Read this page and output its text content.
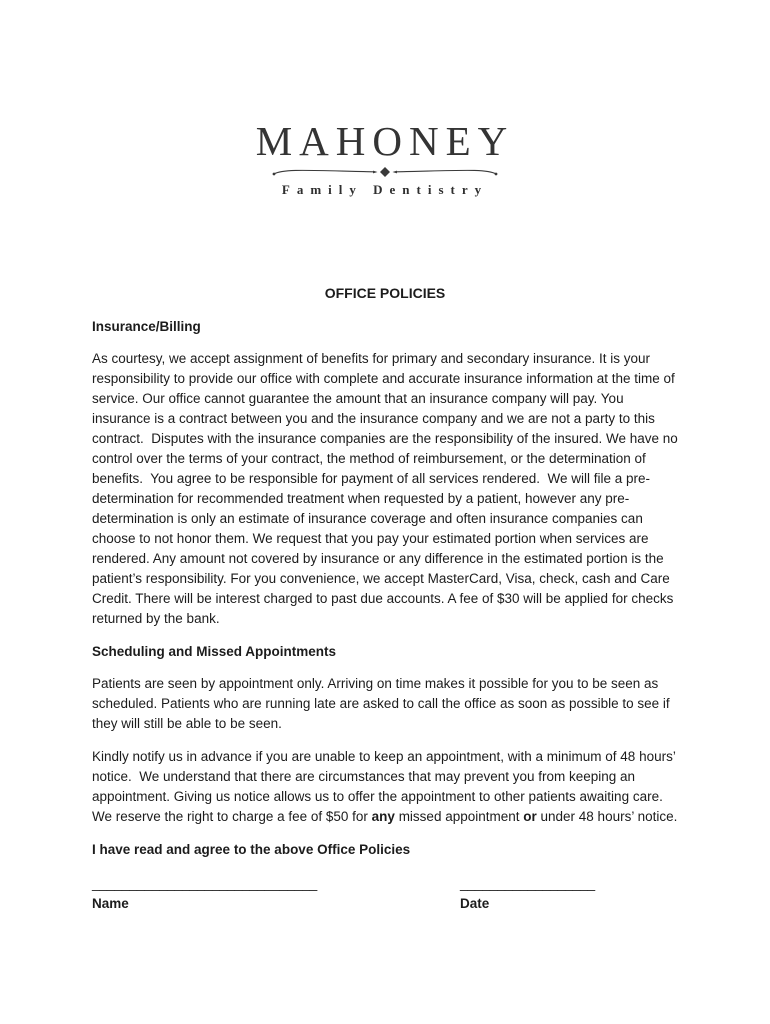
MAHONEY
Family Dentistry
OFFICE POLICIES
Insurance/Billing

As courtesy, we accept assignment of benefits for primary and secondary insurance. It is your responsibility to provide our office with complete and accurate insurance information at the time of service. Our office cannot guarantee the amount that an insurance company will pay. You insurance is a contract between you and the insurance company and we are not a party to this contract.  Disputes with the insurance companies are the responsibility of the insured. We have no control over the terms of your contract, the method of reimbursement, or the determination of benefits.  You agree to be responsible for payment of all services rendered.  We will file a pre-determination for recommended treatment when requested by a patient, however any pre-determination is only an estimate of insurance coverage and often insurance companies can choose to not honor them. We request that you pay your estimated portion when services are rendered. Any amount not covered by insurance or any difference in the estimated portion is the patient’s responsibility. For you convenience, we accept MasterCard, Visa, check, cash and Care Credit. There will be interest charged to past due accounts. A fee of $30 will be applied for checks returned by the bank.

Scheduling and Missed Appointments

Patients are seen by appointment only. Arriving on time makes it possible for you to be seen as scheduled. Patients who are running late are asked to call the office as soon as possible to see if they will still be able to be seen.

Kindly notify us in advance if you are unable to keep an appointment, with a minimum of 48 hours’ notice.  We understand that there are circumstances that may prevent you from keeping an appointment. Giving us notice allows us to offer the appointment to other patients awaiting care. We reserve the right to charge a fee of $50 for any missed appointment or under 48 hours’ notice.

I have read and agree to the above Office Policies

______________________________
Name
__________________
Date
